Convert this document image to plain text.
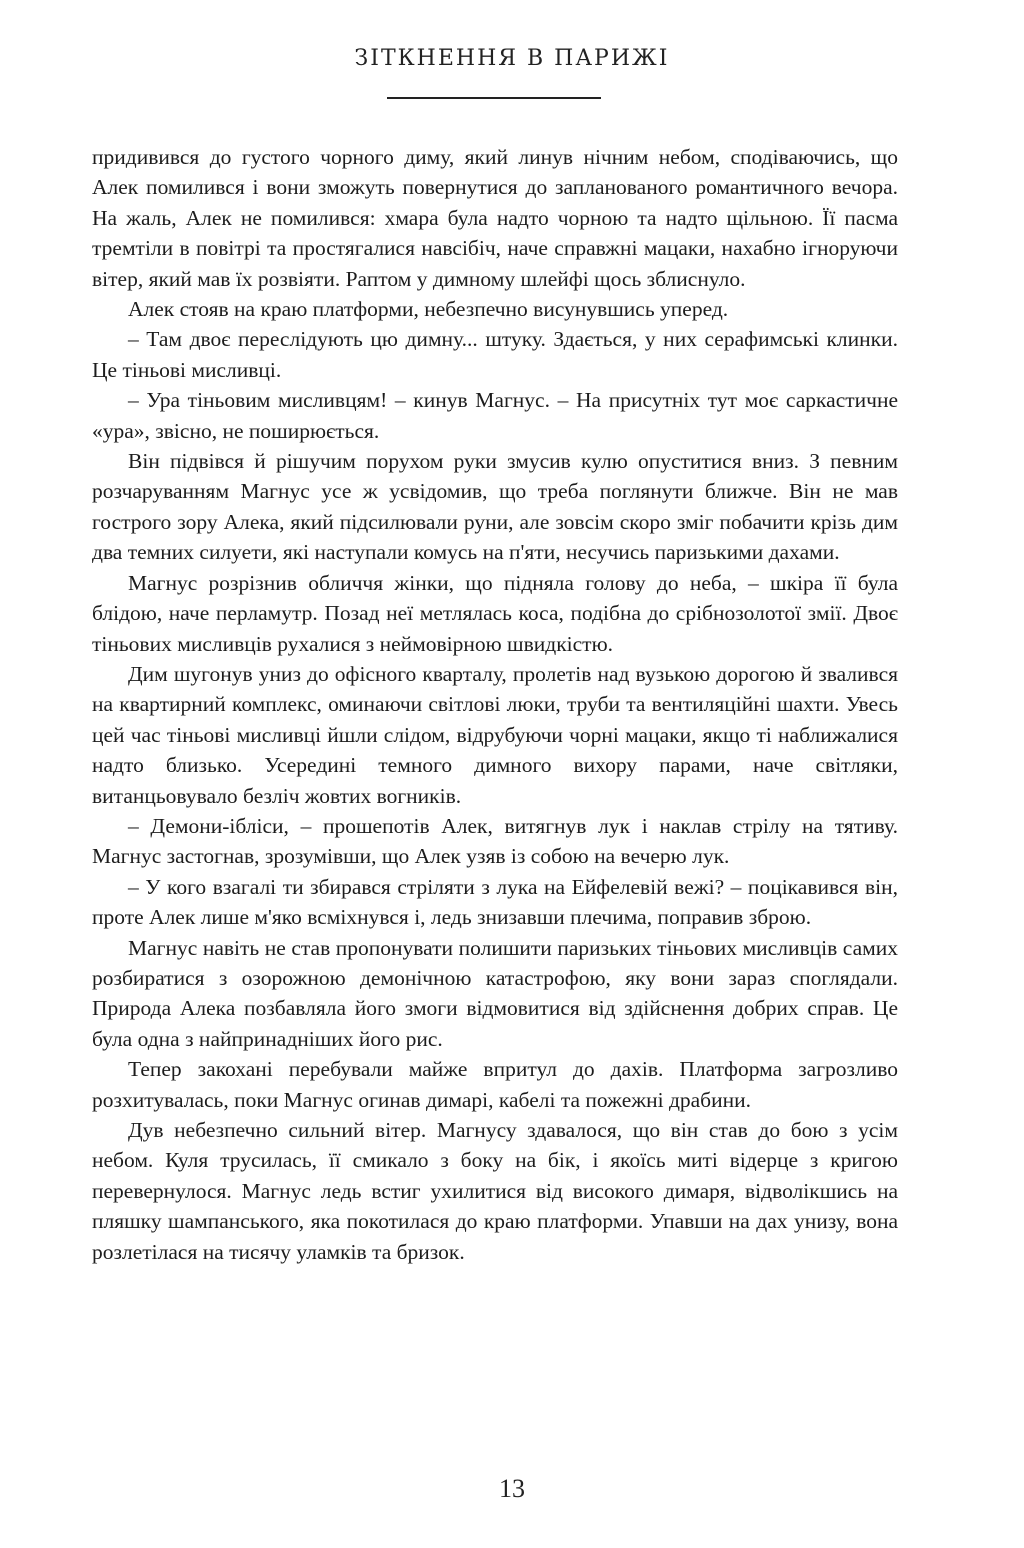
ЗІТКНЕННЯ В ПАРИЖІ

придивився до густого чорного диму, який линув нічним небом, сподіваючись, що Алек помилився і вони зможуть повернутися до запланованого романтичного вечора. На жаль, Алек не помилився: хмара була надто чорною та надто щільною. Її пасма тремтіли в повітрі та простягалися навсібіч, наче справжні мацаки, нахабно ігноруючи вітер, який мав їх розвіяти. Раптом у димному шлейфі щось зблиснуло.

Алек стояв на краю платформи, небезпечно висунувшись уперед.

– Там двоє переслідують цю димну... штуку. Здається, у них серафимські клинки. Це тіньові мисливці.

– Ура тіньовим мисливцям! – кинув Магнус. – На присутніх тут моє саркастичне «ура», звісно, не поширюється.

Він підвівся й рішучим порухом руки змусив кулю опуститися вниз. З певним розчаруванням Магнус усе ж усвідомив, що треба поглянути ближче. Він не мав гострого зору Алека, який підсилювали руни, але зовсім скоро зміг побачити крізь дим два темних силуети, які наступали комусь на п'яти, несучись паризькими дахами.

Магнус розрізнив обличчя жінки, що підняла голову до неба, – шкіра її була блідою, наче перламутр. Позад неї метлялась коса, подібна до срібнозолотої змії. Двоє тіньових мисливців рухалися з неймовірною швидкістю.

Дим шугонув униз до офісного кварталу, пролетів над вузькою дорогою й звалився на квартирний комплекс, оминаючи світлові люки, труби та вентиляційні шахти. Увесь цей час тіньові мисливці йшли слідом, відрубуючи чорні мацаки, якщо ті наближалися надто близько. Усередині темного димного вихору парами, наче світляки, витанцьовувало безліч жовтих вогників.

– Демони-ібліси, – прошепотів Алек, витягнув лук і наклав стрілу на тятиву. Магнус застогнав, зрозумівши, що Алек узяв із собою на вечерю лук.

– У кого взагалі ти збирався стріляти з лука на Ейфелевій вежі? – поцікавився він, проте Алек лише м'яко всміхнувся і, ледь знизавши плечима, поправив зброю.

Магнус навіть не став пропонувати полишити паризьких тіньових мисливців самих розбиратися з озорожною демонічною катастрофою, яку вони зараз споглядали. Природа Алека позбавляла його змоги відмовитися від здійснення добрих справ. Це була одна з найпринадніших його рис.

Тепер закохані перебували майже впритул до дахів. Платформа загрозливо розхитувалась, поки Магнус огинав димарі, кабелі та пожежні драбини.

Дув небезпечно сильний вітер. Магнусу здавалося, що він став до бою з усім небом. Куля трусилась, її смикало з боку на бік, і якоїсь миті відерце з кригою перевернулося. Магнус ледь встиг ухилитися від високого димаря, відволікшись на пляшку шампанського, яка покотилася до краю платформи. Упавши на дах унизу, вона розлетілася на тисячу уламків та бризок.

13
